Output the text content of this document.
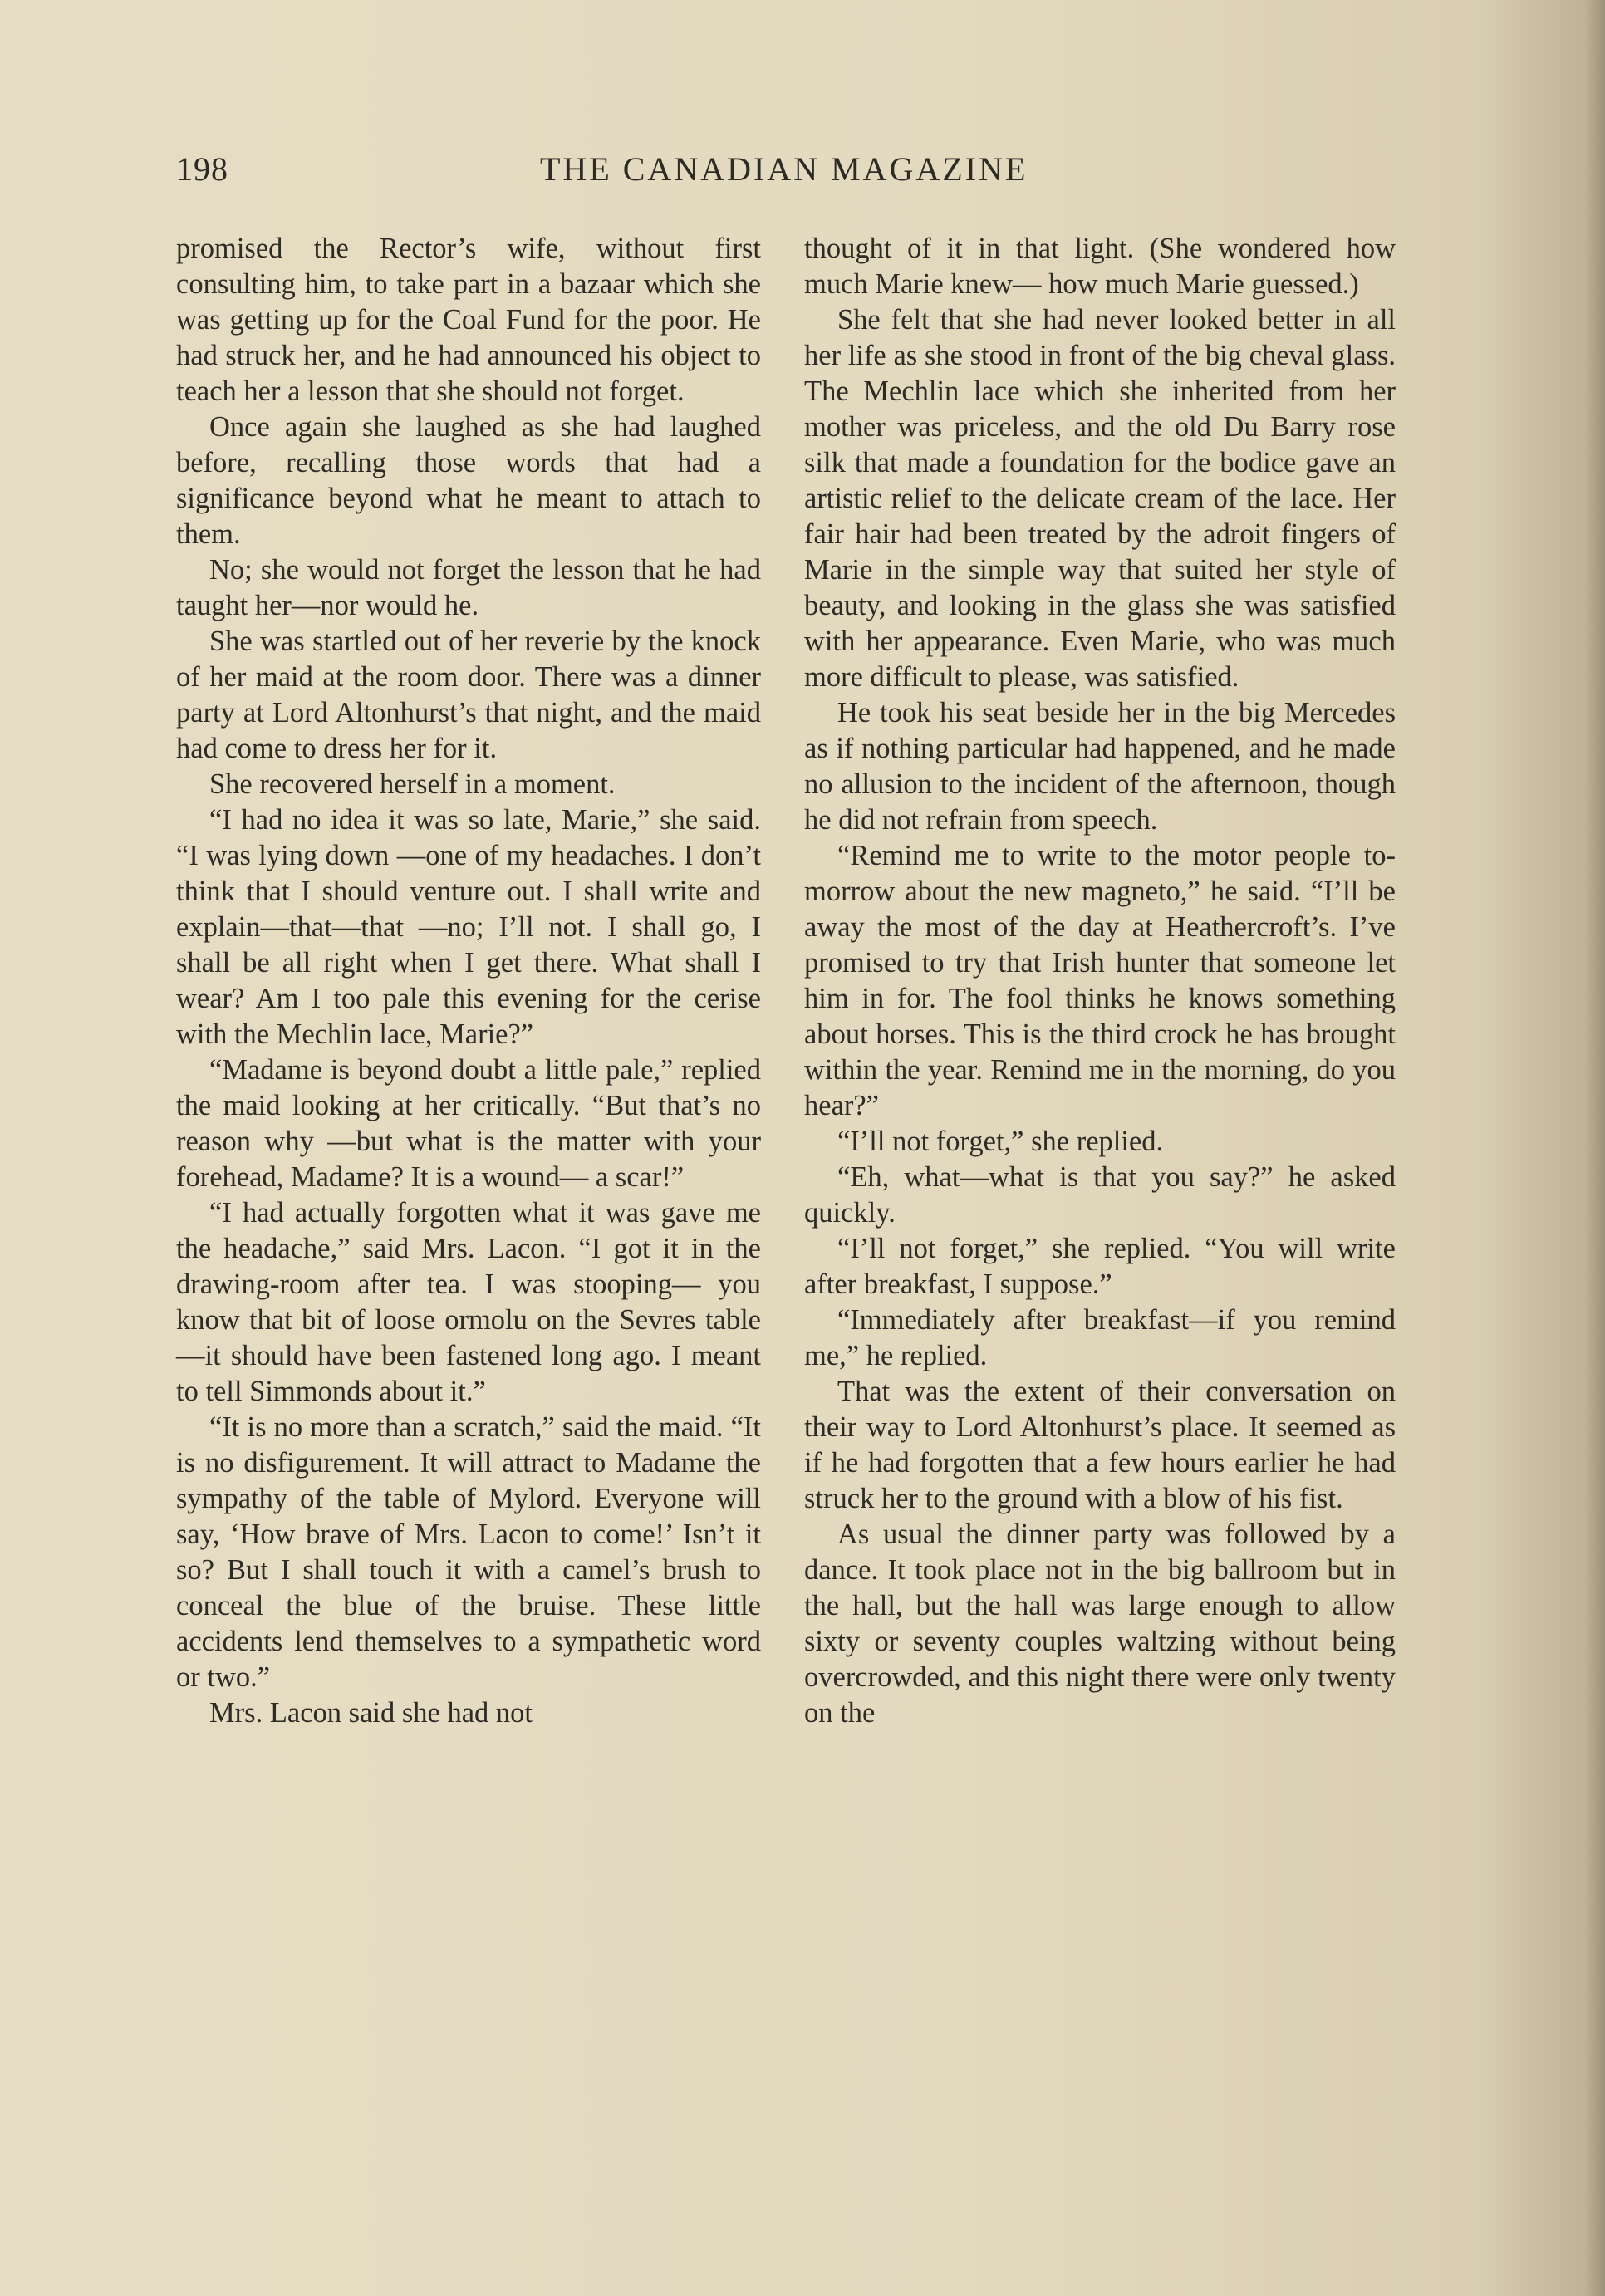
198	THE CANADIAN MAGAZINE

promised the Rector’s wife, without first consulting him, to take part in a bazaar which she was getting up for the Coal Fund for the poor. He had struck her, and he had announced his object to teach her a lesson that she should not forget.

Once again she laughed as she had laughed before, recalling those words that had a significance beyond what he meant to attach to them.

No; she would not forget the lesson that he had taught her—nor would he.

She was startled out of her reverie by the knock of her maid at the room door. There was a dinner party at Lord Altonhurst’s that night, and the maid had come to dress her for it.

She recovered herself in a moment.

“I had no idea it was so late, Marie,” she said. “I was lying down —one of my headaches. I don’t think that I should venture out. I shall write and explain—that—that —no; I’ll not. I shall go, I shall be all right when I get there. What shall I wear? Am I too pale this evening for the cerise with the Mechlin lace, Marie?”

“Madame is beyond doubt a little pale,” replied the maid looking at her critically. “But that’s no reason why —but what is the matter with your forehead, Madame? It is a wound— a scar!”

“I had actually forgotten what it was gave me the headache,” said Mrs. Lacon. “I got it in the drawing-room after tea. I was stooping— you know that bit of loose ormolu on the Sevres table—it should have been fastened long ago. I meant to tell Simmonds about it.”

“It is no more than a scratch,” said the maid. “It is no disfigurement. It will attract to Madame the sympathy of the table of Mylord. Everyone will say, ‘How brave of Mrs. Lacon to come!’ Isn’t it so? But I shall touch it with a camel’s brush to conceal the blue of the bruise. These little accidents lend themselves to a sympathetic word or two.”

Mrs. Lacon said she had not

thought of it in that light. (She wondered how much Marie knew— how much Marie guessed.)

She felt that she had never looked better in all her life as she stood in front of the big cheval glass. The Mechlin lace which she inherited from her mother was priceless, and the old Du Barry rose silk that made a foundation for the bodice gave an artistic relief to the delicate cream of the lace. Her fair hair had been treated by the adroit fingers of Marie in the simple way that suited her style of beauty, and looking in the glass she was satisfied with her appearance. Even Marie, who was much more difficult to please, was satisfied.

He took his seat beside her in the big Mercedes as if nothing particular had happened, and he made no allusion to the incident of the afternoon, though he did not refrain from speech.

“Remind me to write to the motor people to-morrow about the new magneto,” he said. “I’ll be away the most of the day at Heathercroft’s. I’ve promised to try that Irish hunter that someone let him in for. The fool thinks he knows something about horses. This is the third crock he has brought within the year. Remind me in the morning, do you hear?”

“I’ll not forget,” she replied.

“Eh, what—what is that you say?” he asked quickly.

“I’ll not forget,” she replied. “You will write after breakfast, I suppose.”

“Immediately after breakfast—if you remind me,” he replied.

That was the extent of their conversation on their way to Lord Altonhurst’s place. It seemed as if he had forgotten that a few hours earlier he had struck her to the ground with a blow of his fist.

As usual the dinner party was followed by a dance. It took place not in the big ballroom but in the hall, but the hall was large enough to allow sixty or seventy couples waltzing without being overcrowded, and this night there were only twenty on the
